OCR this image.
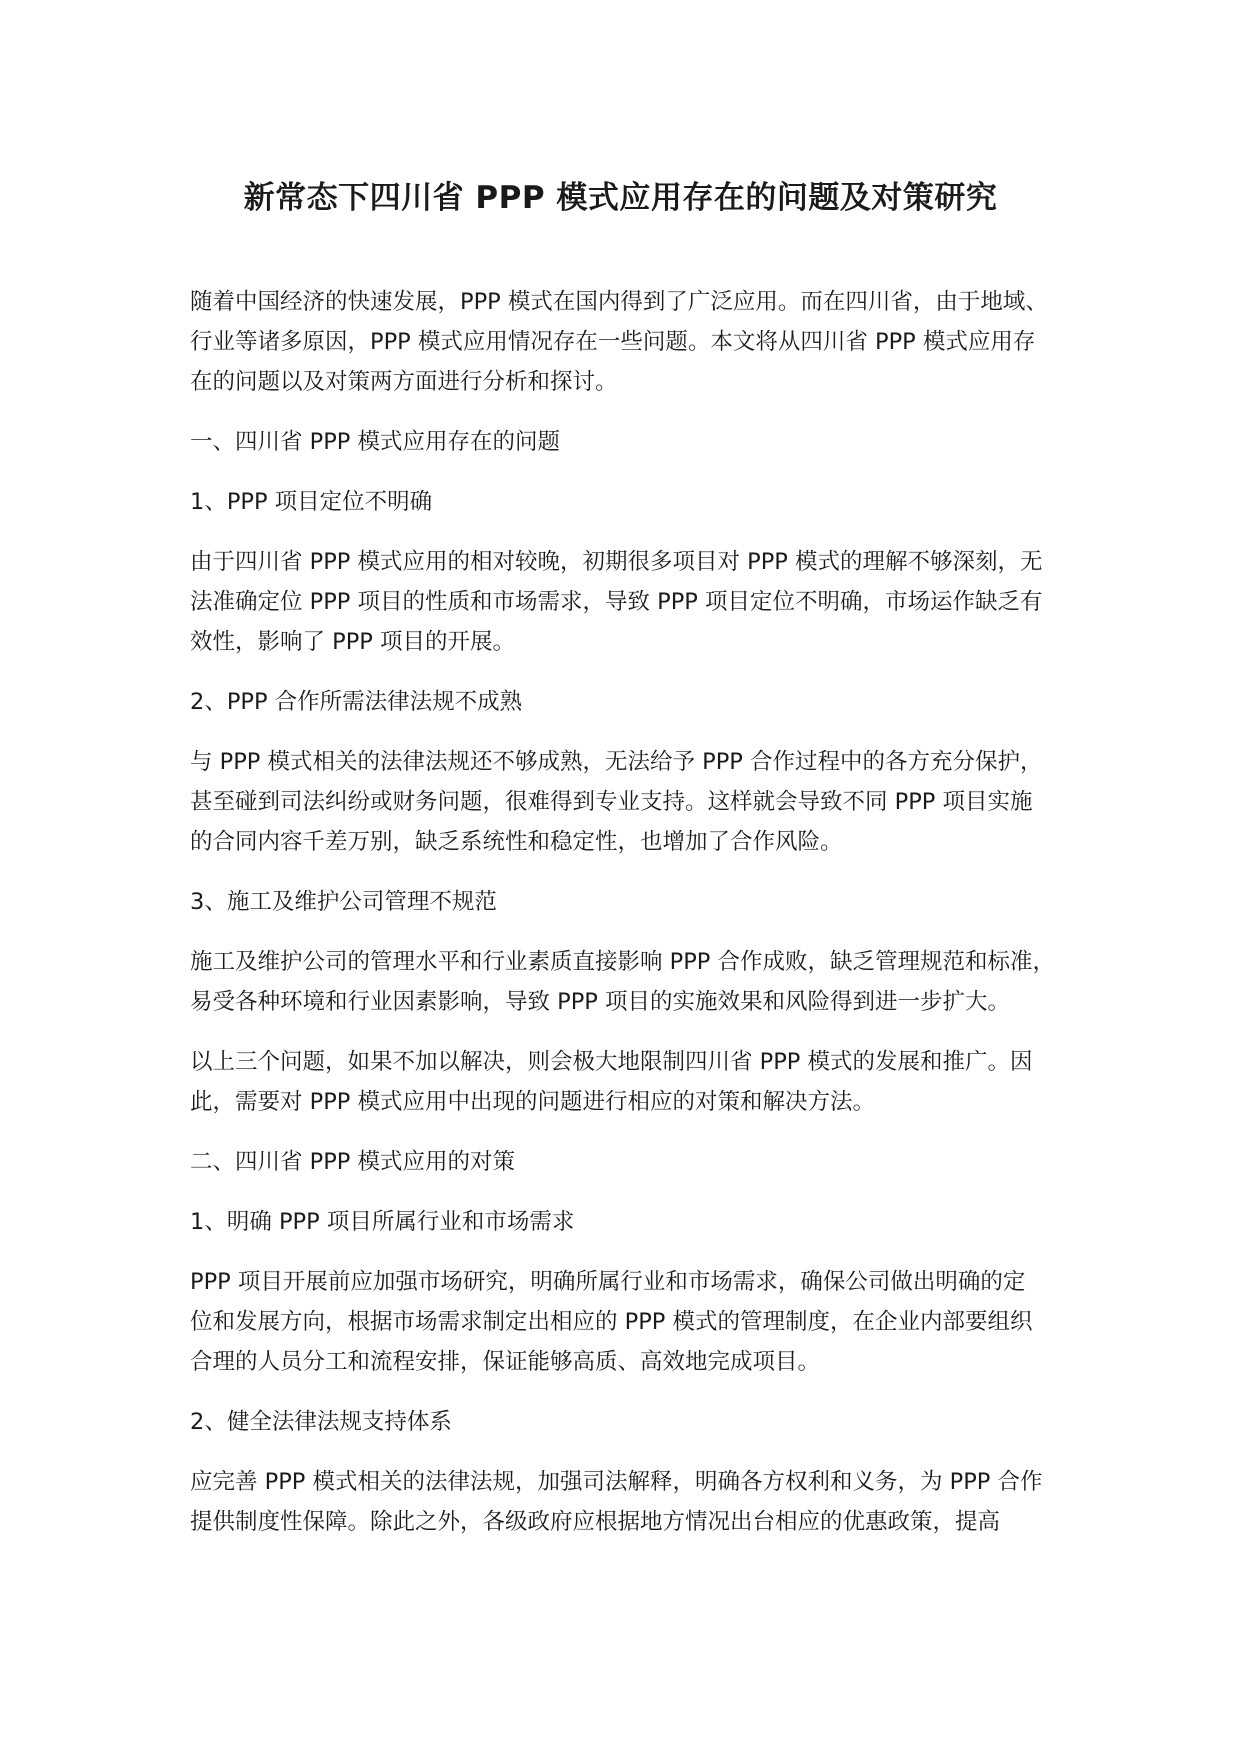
新常态下四川省 PPP 模式应用存在的问题及对策研究
随着中国经济的快速发展，PPP 模式在国内得到了广泛应用。而在四川省，由于地域、
行业等诸多原因，PPP 模式应用情况存在一些问题。本文将从四川省 PPP 模式应用存
在的问题以及对策两方面进行分析和探讨。
一、四川省 PPP 模式应用存在的问题
1、PPP 项目定位不明确
由于四川省 PPP 模式应用的相对较晚，初期很多项目对 PPP 模式的理解不够深刻，无
法准确定位 PPP 项目的性质和市场需求，导致 PPP 项目定位不明确，市场运作缺乏有
效性，影响了 PPP 项目的开展。
2、PPP 合作所需法律法规不成熟
与 PPP 模式相关的法律法规还不够成熟，无法给予 PPP 合作过程中的各方充分保护，
甚至碰到司法纠纷或财务问题，很难得到专业支持。这样就会导致不同 PPP 项目实施
的合同内容千差万别，缺乏系统性和稳定性，也增加了合作风险。
3、施工及维护公司管理不规范
施工及维护公司的管理水平和行业素质直接影响 PPP 合作成败，缺乏管理规范和标准，
易受各种环境和行业因素影响，导致 PPP 项目的实施效果和风险得到进一步扩大。
以上三个问题，如果不加以解决，则会极大地限制四川省 PPP 模式的发展和推广。因
此，需要对 PPP 模式应用中出现的问题进行相应的对策和解决方法。
二、四川省 PPP 模式应用的对策
1、明确 PPP 项目所属行业和市场需求
PPP 项目开展前应加强市场研究，明确所属行业和市场需求，确保公司做出明确的定
位和发展方向，根据市场需求制定出相应的 PPP 模式的管理制度，在企业内部要组织
合理的人员分工和流程安排，保证能够高质、高效地完成项目。
2、健全法律法规支持体系
应完善 PPP 模式相关的法律法规，加强司法解释，明确各方权利和义务，为 PPP 合作
提供制度性保障。除此之外，各级政府应根据地方情况出台相应的优惠政策，提高
